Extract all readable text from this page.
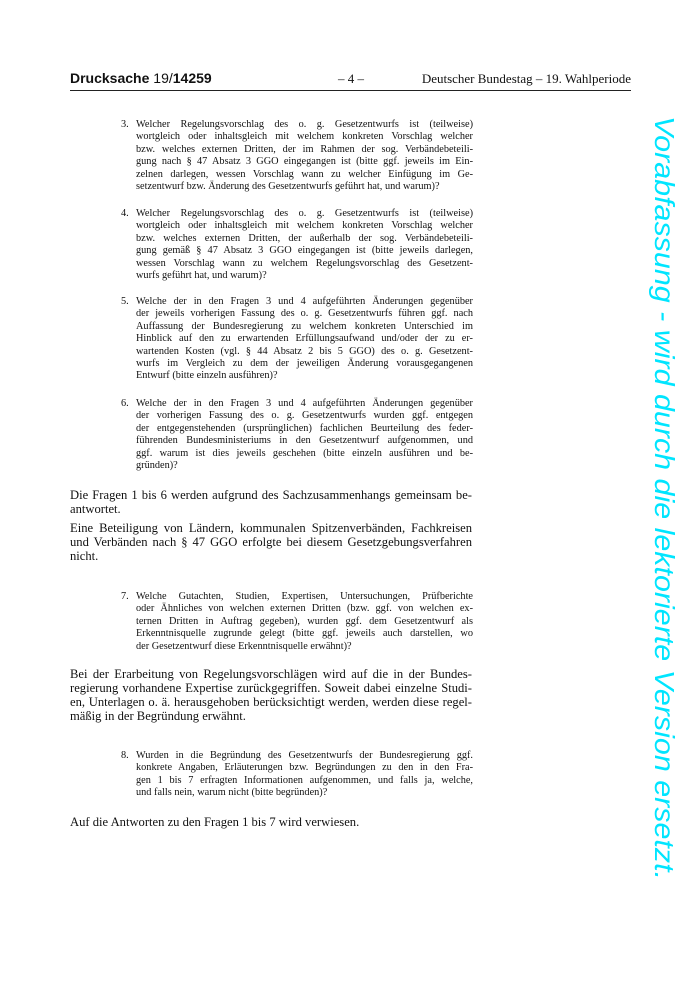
Drucksache 19/14259	– 4 –	Deutscher Bundestag – 19. Wahlperiode
3. Welcher Regelungsvorschlag des o. g. Gesetzentwurfs ist (teilweise)
wortgleich oder inhaltsgleich mit welchem konkreten Vorschlag welcher
bzw. welches externen Dritten, der im Rahmen der sog. Verbändebeteili-
gung nach § 47 Absatz 3 GGO eingegangen ist (bitte ggf. jeweils im Ein-
zelnen darlegen, wessen Vorschlag wann zu welcher Einfügung im Ge-
setzentwurf bzw. Änderung des Gesetzentwurfs geführt hat, und warum)?
4. Welcher Regelungsvorschlag des o. g. Gesetzentwurfs ist (teilweise)
wortgleich oder inhaltsgleich mit welchem konkreten Vorschlag welcher
bzw. welches externen Dritten, der außerhalb der sog. Verbändebeteili-
gung gemäß § 47 Absatz 3 GGO eingegangen ist (bitte jeweils darlegen,
wessen Vorschlag wann zu welchem Regelungsvorschlag des Gesetzent-
wurfs geführt hat, und warum)?
5. Welche der in den Fragen 3 und 4 aufgeführten Änderungen gegenüber
der jeweils vorherigen Fassung des o. g. Gesetzentwurfs führen ggf. nach
Auffassung der Bundesregierung zu welchem konkreten Unterschied im
Hinblick auf den zu erwartenden Erfüllungsaufwand und/oder der zu er-
wartenden Kosten (vgl. § 44 Absatz 2 bis 5 GGO) des o. g. Gesetzent-
wurfs im Vergleich zu dem der jeweiligen Änderung vorausgegangenen
Entwurf (bitte einzeln ausführen)?
6. Welche der in den Fragen 3 und 4 aufgeführten Änderungen gegenüber
der vorherigen Fassung des o. g. Gesetzentwurfs wurden ggf. entgegen
der entgegenstehenden (ursprünglichen) fachlichen Beurteilung des feder-
führenden Bundesministeriums in den Gesetzentwurf aufgenommen, und
ggf. warum ist dies jeweils geschehen (bitte einzeln ausführen und be-
gründen)?
Die Fragen 1 bis 6 werden aufgrund des Sachzusammenhangs gemeinsam be-
antwortet.
Eine Beteiligung von Ländern, kommunalen Spitzenverbänden, Fachkreisen
und Verbänden nach § 47 GGO erfolgte bei diesem Gesetzgebungsverfahren
nicht.
7. Welche Gutachten, Studien, Expertisen, Untersuchungen, Prüfberichte
oder Ähnliches von welchen externen Dritten (bzw. ggf. von welchen ex-
ternen Dritten in Auftrag gegeben), wurden ggf. dem Gesetzentwurf als
Erkenntnisquelle zugrunde gelegt (bitte ggf. jeweils auch darstellen, wo
der Gesetzentwurf diese Erkenntnisquelle erwähnt)?
Bei der Erarbeitung von Regelungsvorschlägen wird auf die in der Bundes-
regierung vorhandene Expertise zurückgegriffen. Soweit dabei einzelne Studi-
en, Unterlagen o. ä. herausgehoben berücksichtigt werden, werden diese regel-
mäßig in der Begründung erwähnt.
8. Wurden in die Begründung des Gesetzentwurfs der Bundesregierung ggf.
konkrete Angaben, Erläuterungen bzw. Begründungen zu den in den Fra-
gen 1 bis 7 erfragten Informationen aufgenommen, und falls ja, welche,
und falls nein, warum nicht (bitte begründen)?
Auf die Antworten zu den Fragen 1 bis 7 wird verwiesen.
Vorabfassung - wird durch die lektorierte Version ersetzt.
